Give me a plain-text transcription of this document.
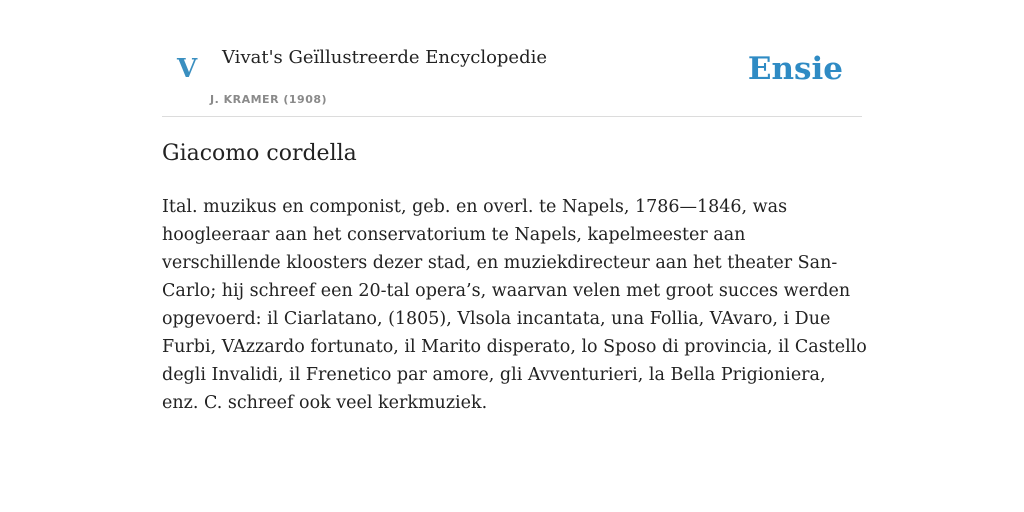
V Vivat's Geïllustreerde Encyclopedie
J. KRAMER (1908)
Ensie
Giacomo cordella

Ital. muzikus en componist, geb. en overl. te Napels, 1786—1846, was hoogleeraar aan het conservatorium te Napels, kapelmeester aan verschillende kloosters dezer stad, en muziekdirecteur aan het theater San-Carlo; hij schreef een 20-tal opera’s, waarvan velen met groot succes werden opgevoerd: il Ciarlatano, (1805), Vlsola incantata, una Follia, VAvaro, i Due Furbi, VAzzardo fortunato, il Marito disperato, lo Sposo di provincia, il Castello degli Invalidi, il Frenetico par amore, gli Avventurieri, la Bella Prigioniera, enz. C. schreef ook veel kerkmuziek.
